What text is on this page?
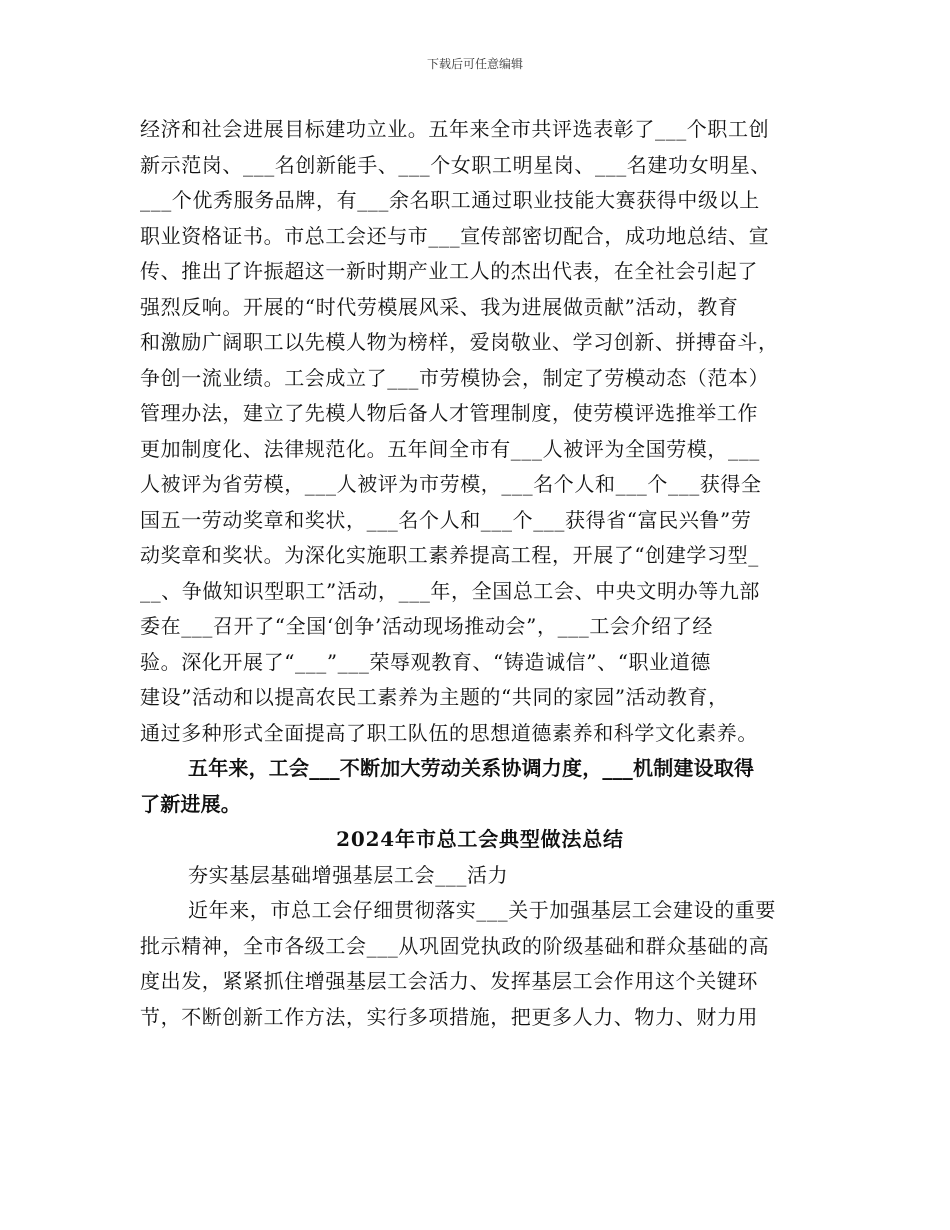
下载后可任意编辑
经济和社会进展目标建功立业。五年来全市共评选表彰了___个职工创
新示范岗、___名创新能手、___个女职工明星岗、___名建功女明星、
___个优秀服务品牌，有___余名职工通过职业技能大赛获得中级以上
职业资格证书。市总工会还与市___宣传部密切配合，成功地总结、宣
传、推出了许振超这一新时期产业工人的杰出代表，在全社会引起了
强烈反响。开展的“时代劳模展风采、我为进展做贡献”活动，教育
和激励广阔职工以先模人物为榜样，爱岗敬业、学习创新、拼搏奋斗，
争创一流业绩。工会成立了___市劳模协会，制定了劳模动态（范本）
管理办法，建立了先模人物后备人才管理制度，使劳模评选推举工作
更加制度化、法律规范化。五年间全市有___人被评为全国劳模，___
人被评为省劳模，___人被评为市劳模，___名个人和___个___获得全
国五一劳动奖章和奖状，___名个人和___个___获得省“富民兴鲁”劳
动奖章和奖状。为深化实施职工素养提高工程，开展了“创建学习型_
__、争做知识型职工”活动，___年，全国总工会、中央文明办等九部
委在___召开了“全国‘创争’活动现场推动会”，___工会介绍了经
验。深化开展了“___”___荣辱观教育、“铸造诚信”、“职业道德
建设”活动和以提高农民工素养为主题的“共同的家园”活动教育，
通过多种形式全面提高了职工队伍的思想道德素养和科学文化素养。
五年来，工会___不断加大劳动关系协调力度，___机制建设取得
了新进展。
2024年市总工会典型做法总结
夯实基层基础增强基层工会___活力
近年来，市总工会仔细贯彻落实___关于加强基层工会建设的重要
批示精神，全市各级工会___从巩固党执政的阶级基础和群众基础的高
度出发，紧紧抓住增强基层工会活力、发挥基层工会作用这个关键环
节，不断创新工作方法，实行多项措施，把更多人力、物力、财力用
